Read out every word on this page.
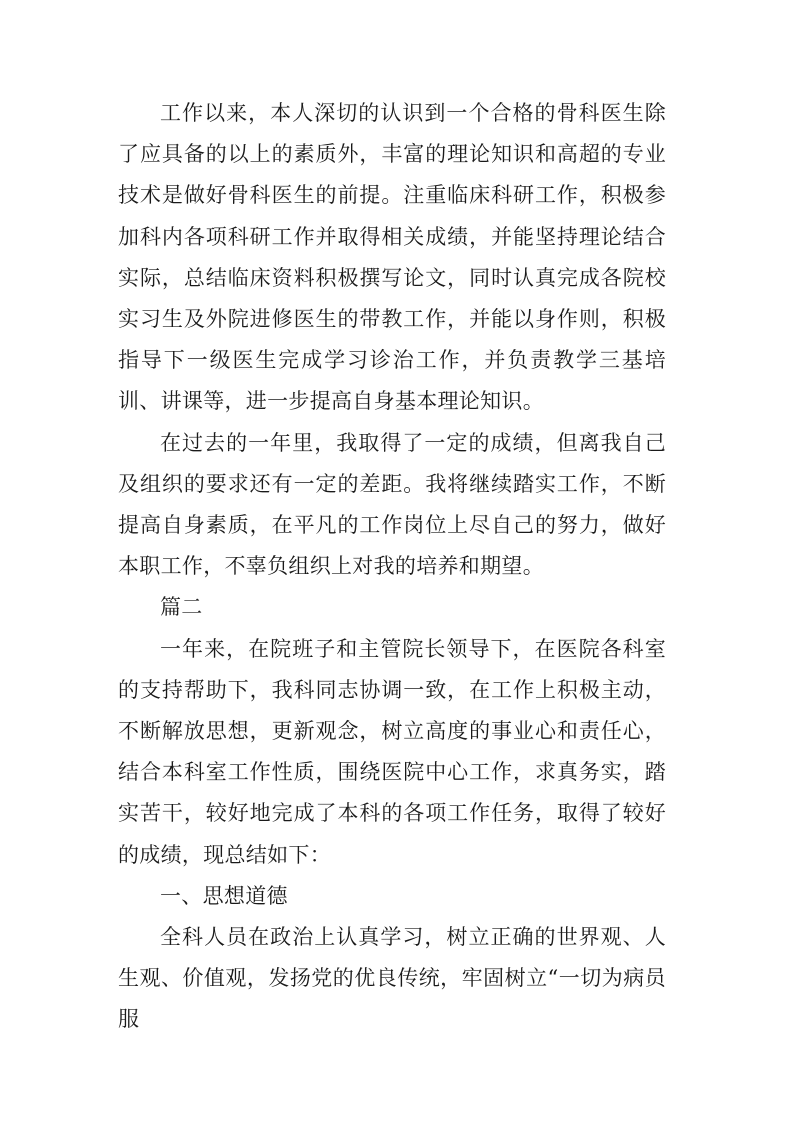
工作以来，本人深切的认识到一个合格的骨科医生除了应具备的以上的素质外，丰富的理论知识和高超的专业技术是做好骨科医生的前提。注重临床科研工作，积极参加科内各项科研工作并取得相关成绩，并能坚持理论结合实际，总结临床资料积极撰写论文，同时认真完成各院校实习生及外院进修医生的带教工作，并能以身作则，积极指导下一级医生完成学习诊治工作，并负责教学三基培训、讲课等，进一步提高自身基本理论知识。

在过去的一年里，我取得了一定的成绩，但离我自己及组织的要求还有一定的差距。我将继续踏实工作，不断提高自身素质，在平凡的工作岗位上尽自己的努力，做好本职工作，不辜负组织上对我的培养和期望。

篇二

一年来，在院班子和主管院长领导下，在医院各科室的支持帮助下，我科同志协调一致，在工作上积极主动，不断解放思想，更新观念，树立高度的事业心和责任心，结合本科室工作性质，围绕医院中心工作，求真务实，踏实苦干，较好地完成了本科的各项工作任务，取得了较好的成绩，现总结如下：

一、思想道德

全科人员在政治上认真学习，树立正确的世界观、人生观、价值观，发扬党的优良传统，牢固树立“一切为病员服
